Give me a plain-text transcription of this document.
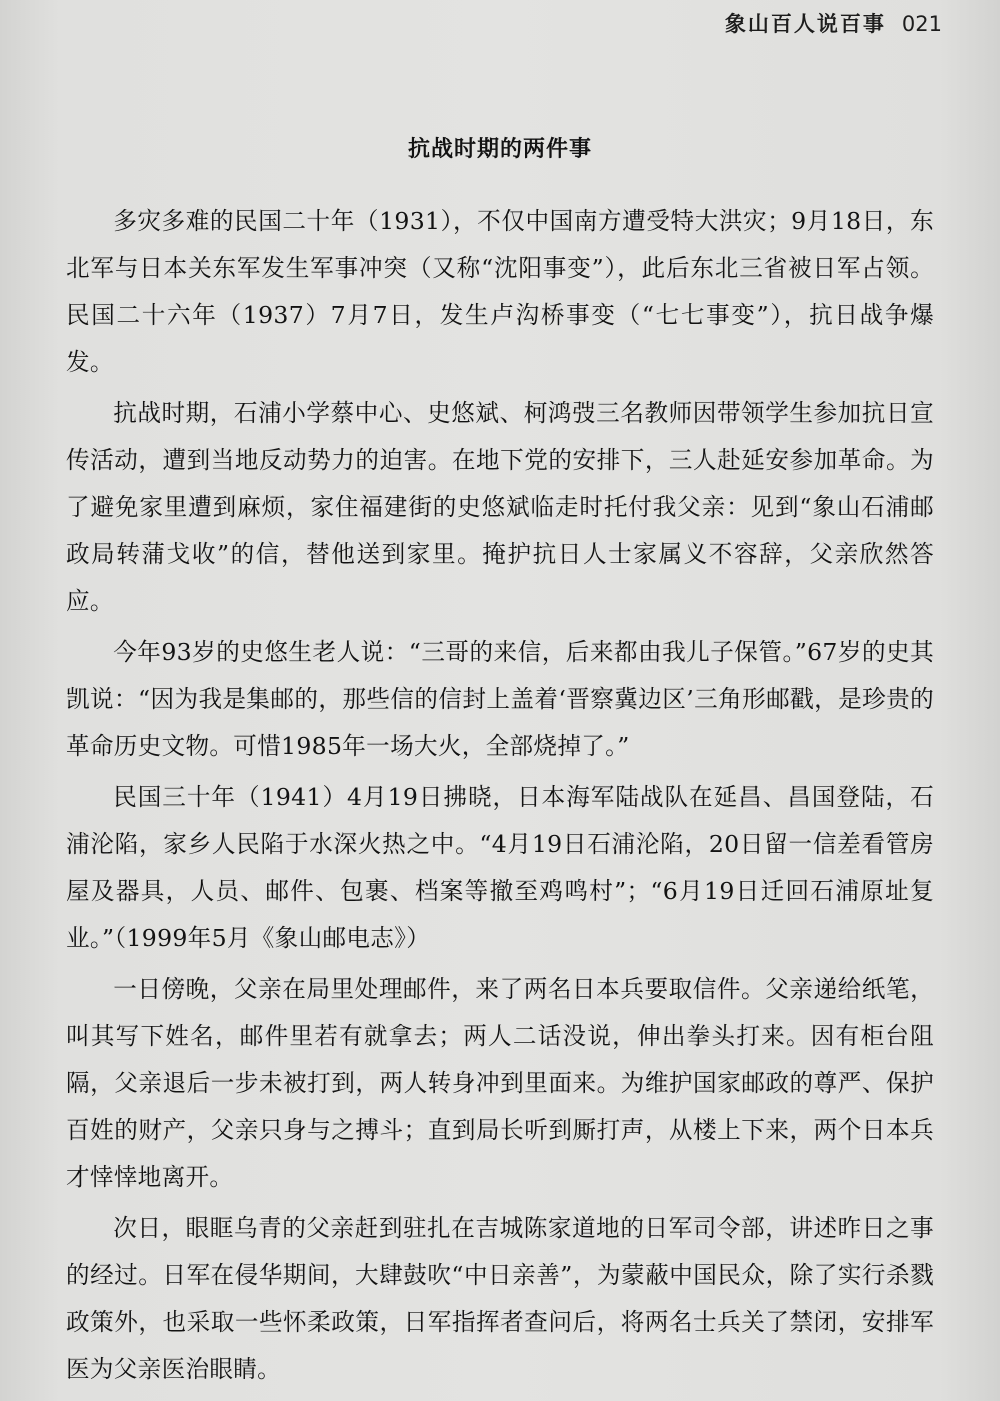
象山百人说百事 021
抗战时期的两件事

多灾多难的民国二十年（1931），不仅中国南方遭受特大洪灾；9月18日，东北军与日本关东军发生军事冲突（又称“沈阳事变”），此后东北三省被日军占领。民国二十六年（1937）7月7日，发生卢沟桥事变（“七七事变”），抗日战争爆发。

抗战时期，石浦小学蔡中心、史悠斌、柯鸿弢三名教师因带领学生参加抗日宣传活动，遭到当地反动势力的迫害。在地下党的安排下，三人赴延安参加革命。为了避免家里遭到麻烦，家住福建街的史悠斌临走时托付我父亲：见到“象山石浦邮政局转蒲戈收”的信，替他送到家里。掩护抗日人士家属义不容辞，父亲欣然答应。

今年93岁的史悠生老人说：“三哥的来信，后来都由我儿子保管。”67岁的史其凯说：“因为我是集邮的，那些信的信封上盖着‘晋察冀边区’三角形邮戳，是珍贵的革命历史文物。可惜1985年一场大火，全部烧掉了。”

民国三十年（1941）4月19日拂晓，日本海军陆战队在延昌、昌国登陆，石浦沦陷，家乡人民陷于水深火热之中。“4月19日石浦沦陷，20日留一信差看管房屋及器具，人员、邮件、包裹、档案等撤至鸡鸣村”；“6月19日迁回石浦原址复业。”（1999年5月《象山邮电志》）

一日傍晚，父亲在局里处理邮件，来了两名日本兵要取信件。父亲递给纸笔，叫其写下姓名，邮件里若有就拿去；两人二话没说，伸出拳头打来。因有柜台阻隔，父亲退后一步未被打到，两人转身冲到里面来。为维护国家邮政的尊严、保护百姓的财产，父亲只身与之搏斗；直到局长听到厮打声，从楼上下来，两个日本兵才悻悻地离开。

次日，眼眶乌青的父亲赶到驻扎在吉城陈家道地的日军司令部，讲述昨日之事的经过。日军在侵华期间，大肆鼓吹“中日亲善”，为蒙蔽中国民众，除了实行杀戮政策外，也采取一些怀柔政策，日军指挥者查问后，将两名士兵关了禁闭，安排军医为父亲医治眼睛。
